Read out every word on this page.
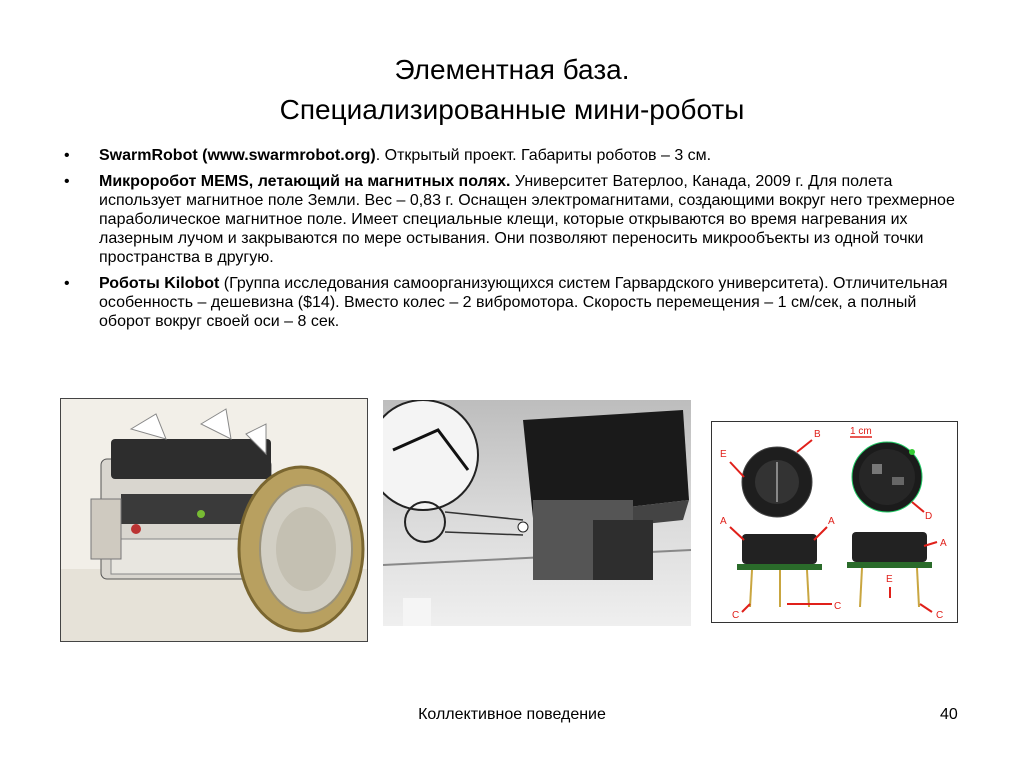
Элементная база.
Специализированные мини-роботы
• SwarmRobot (www.swarmrobot.org). Открытый проект. Габариты роботов – 3 см.
• Микроробот MEMS, летающий на магнитных полях. Университет Ватерлоо, Канада, 2009 г. Для полета использует магнитное поле Земли. Вес – 0,83 г. Оснащен электромагнитами, создающими вокруг него трехмерное параболическое магнитное поле. Имеет специальные клещи, которые открываются во время нагревания их лазерным лучом и закрываются по мере остывания. Они позволяют переносить микрообъекты из одной точки пространства в другую.
• Роботы Kilobot (Группа исследования самоорганизующихся систем Гарвардского университета). Отличительная особенность – дешевизна ($14). Вместо колес – 2 вибромотора. Скорость перемещения – 1 см/сек, а полный оборот вокруг своей оси – 8 сек.
E
B
A	A	D
A
C
C
E
C
1 cm
Коллективное поведение	40
